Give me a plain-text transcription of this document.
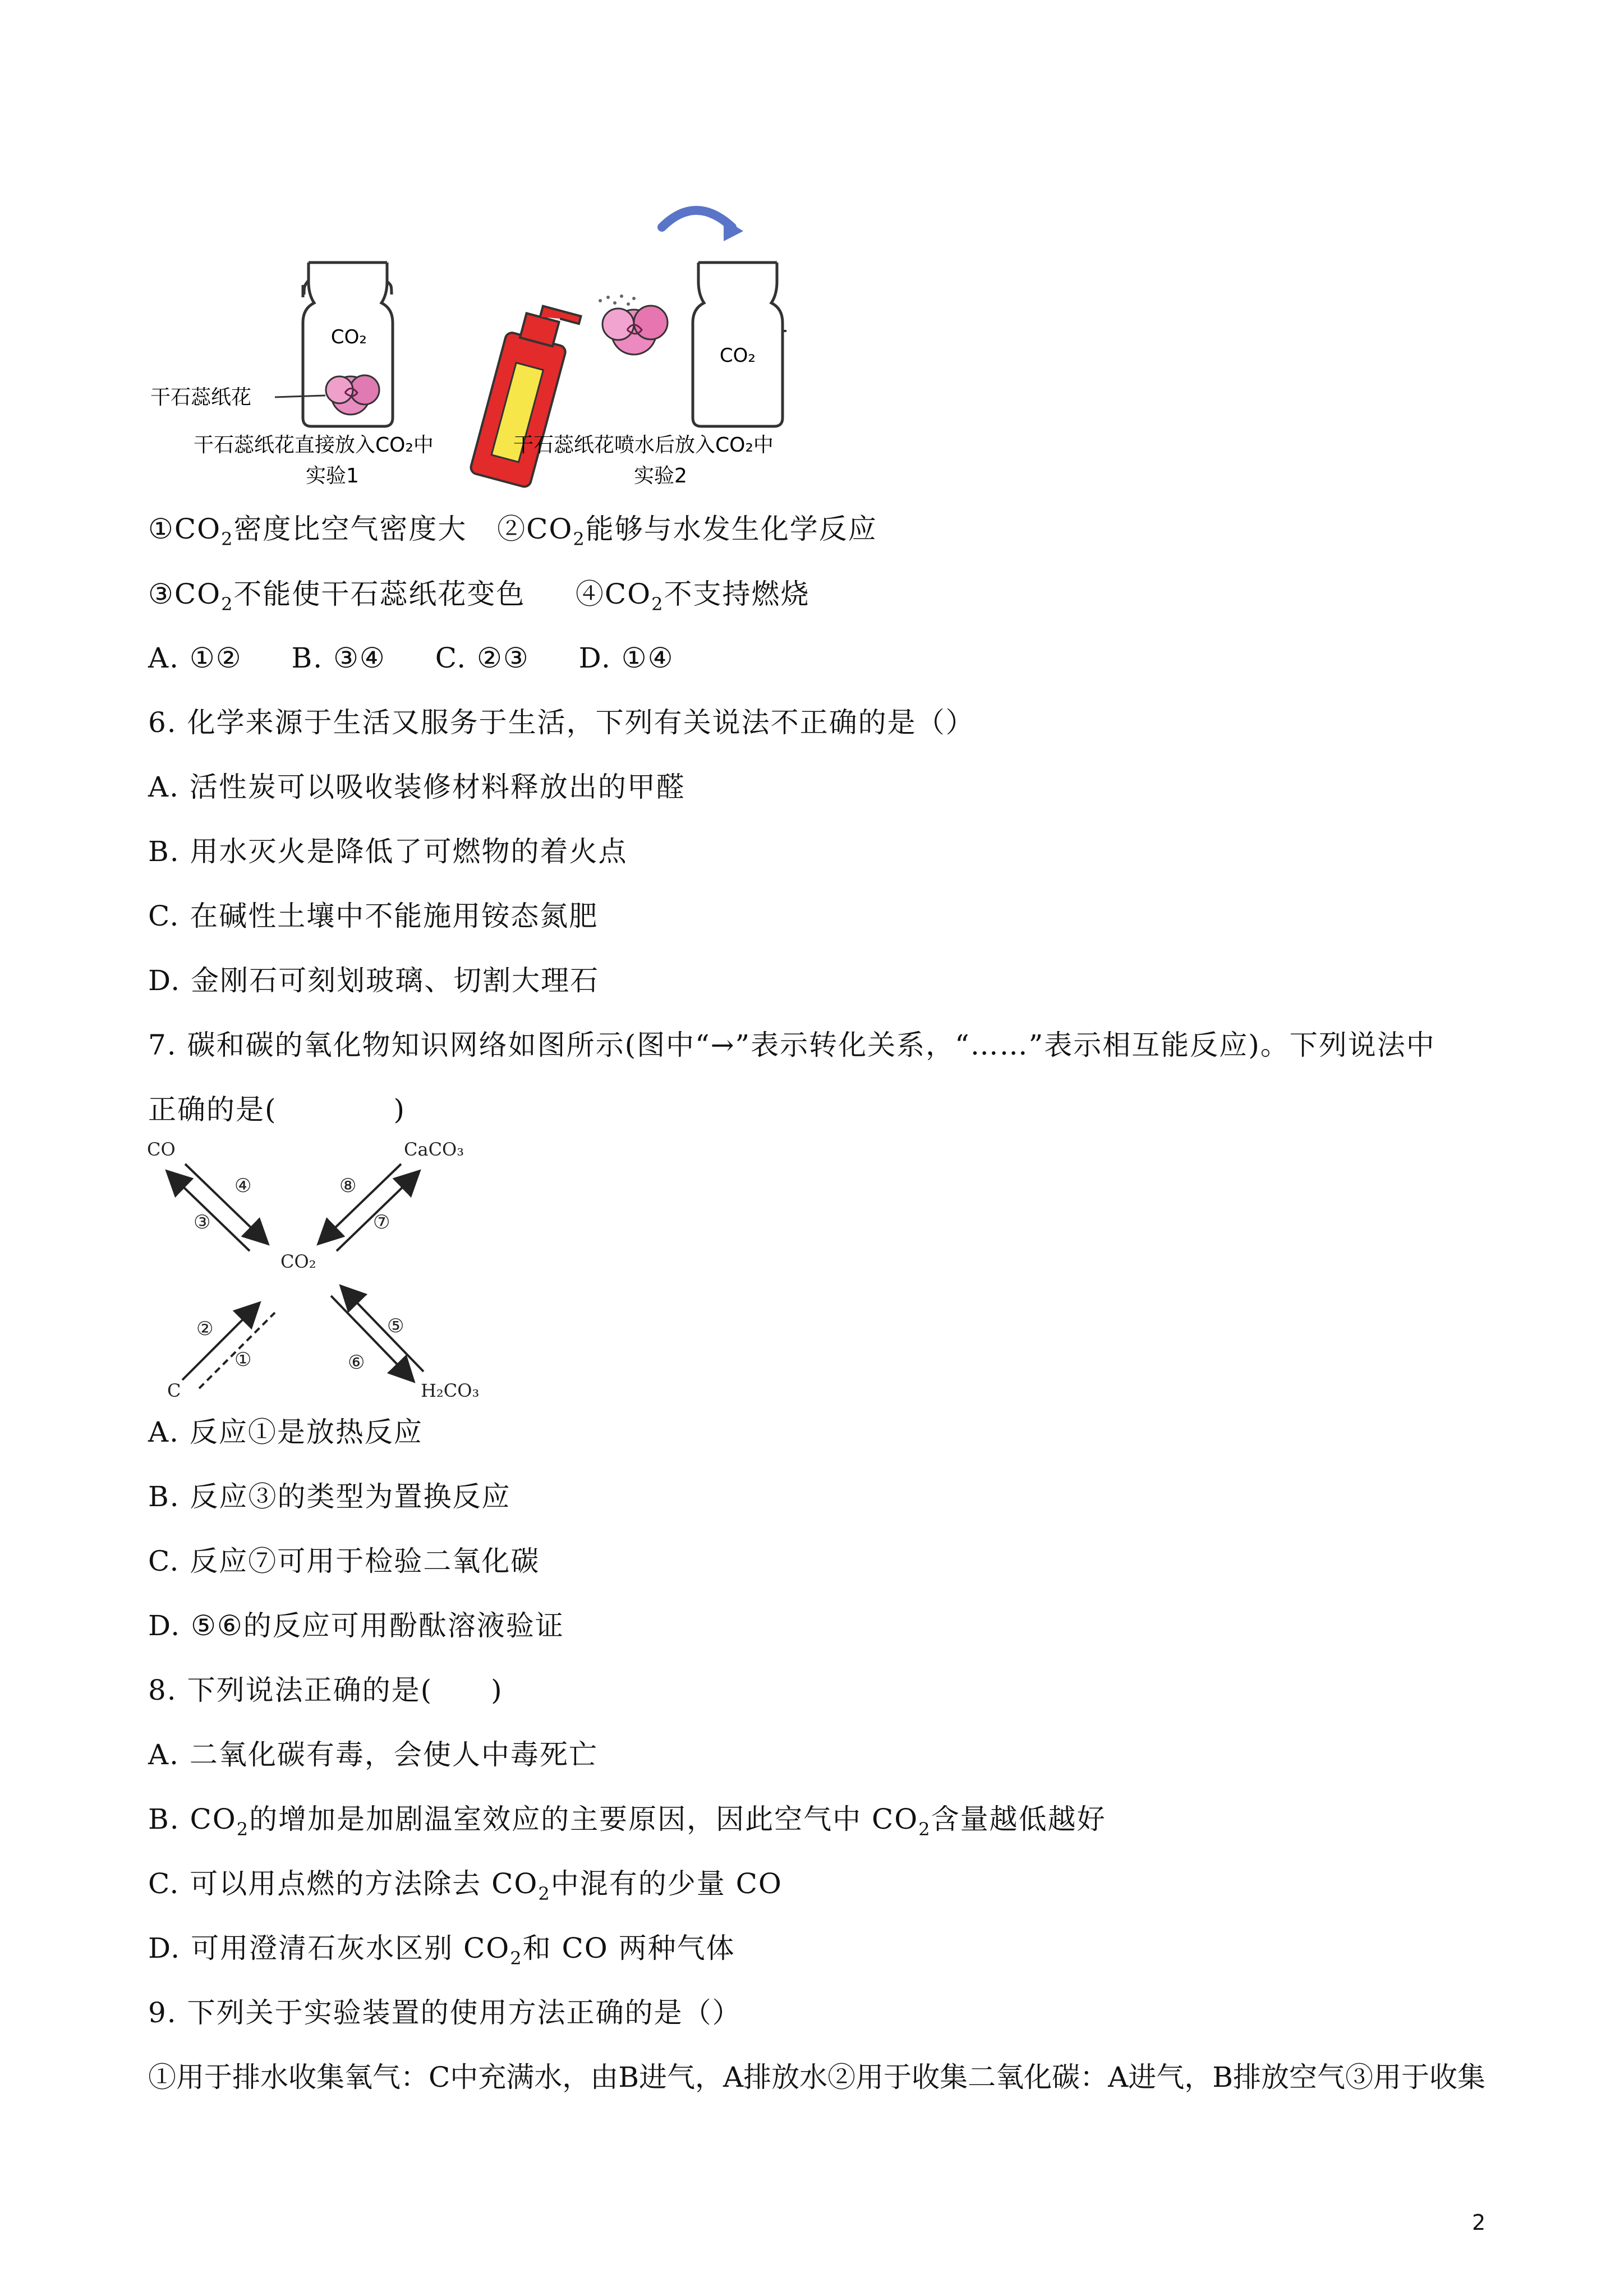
CO₂
干石蕊纸花
干石蕊纸花直接放入CO₂中
实验1
CO₂
干石蕊纸花喷水后放入CO₂中
实验2
$①CO_2$密度比空气密度大 $②CO_2$能够与水发生化学反应
$③CO_2$不能使干石蕊纸花变色 $④CO_2$不支持燃烧
A. ①② B. ③④ C. ②③ D. ①④
6. 化学来源于生活又服务于生活，下列有关说法不正确的是（）
A. 活性炭可以吸收装修材料释放出的甲醛
B. 用水灭火是降低了可燃物的着火点
C. 在碱性土壤中不能施用铵态氮肥
D. 金刚石可刻划玻璃、切割大理石
7. 碳和碳的氧化物知识网络如图所示(图中“→”表示转化关系，“……”表示相互能反应)。下列说法中
正确的是(　　　　)
CO	CaCO₃
CO₂
C	H₂CO₃
④
③
⑧
⑦
②
①
⑤
⑥
A. 反应①是放热反应
B. 反应③的类型为置换反应
C. 反应⑦可用于检验二氧化碳
D. ⑤⑥的反应可用酚酞溶液验证
8. 下列说法正确的是(　　)
A. 二氧化碳有毒，会使人中毒死亡
B. $CO_2$的增加是加剧温室效应的主要原因，因此空气中 $CO_2$含量越低越好
C. 可以用点燃的方法除去 $CO_2$中混有的少量 CO
D. 可用澄清石灰水区别 $CO_2$和 CO 两种气体
9. 下列关于实验装置的使用方法正确的是（）
①用于排水收集氧气：C中充满水，由B进气，A排放水②用于收集二氧化碳：A进气，B排放空气③用于收集
2
